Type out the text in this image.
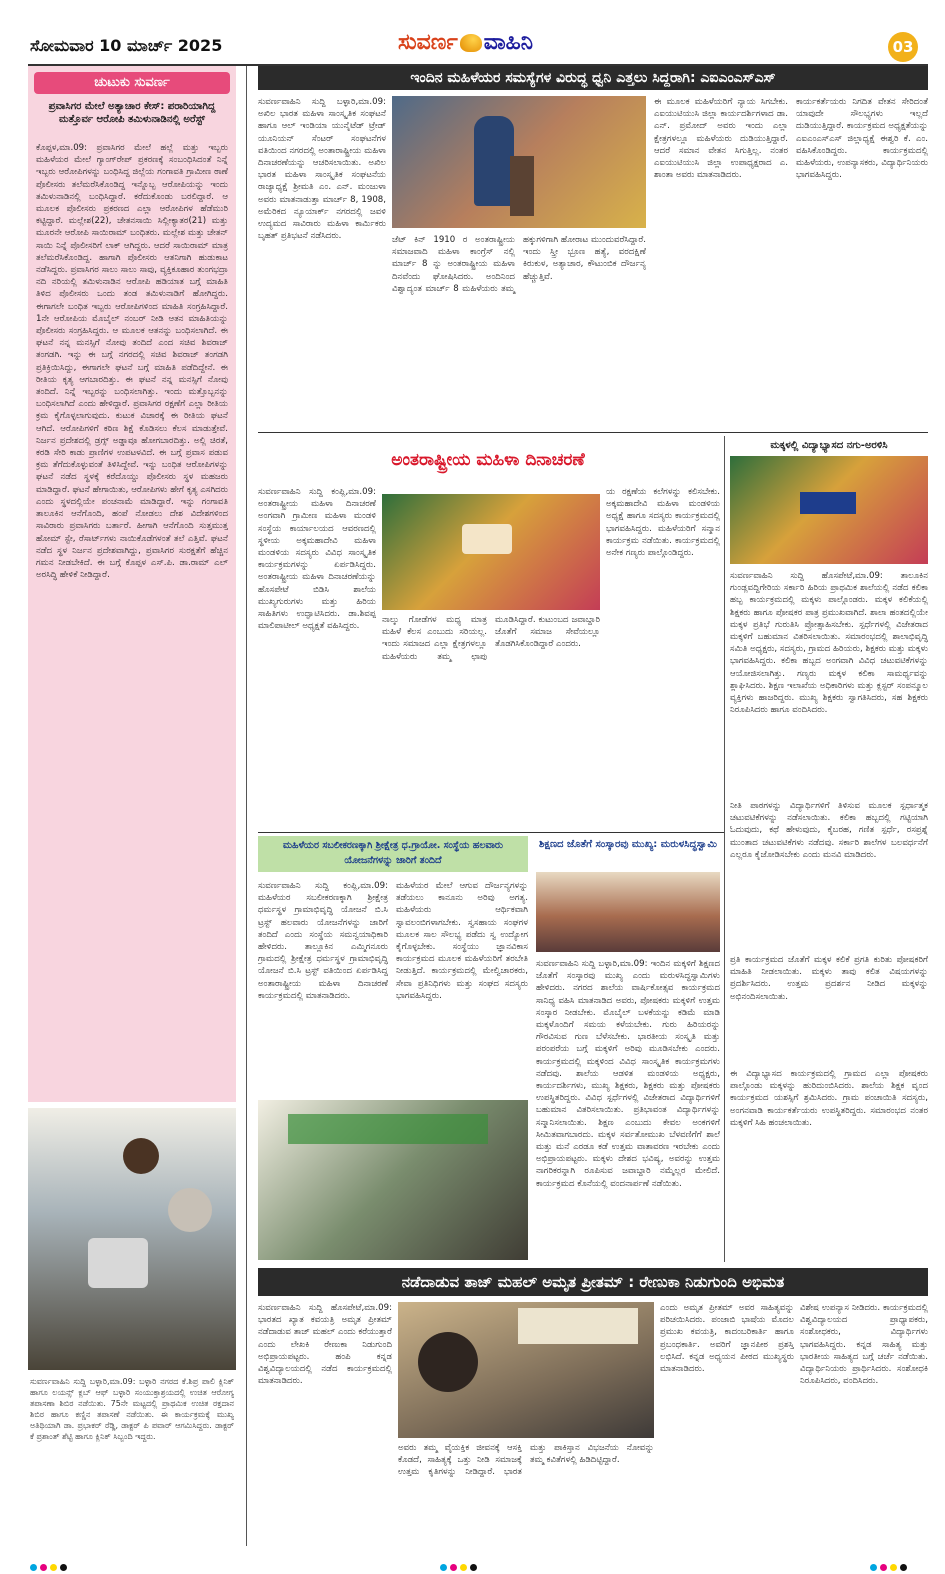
ಸೋಮವಾರ 10 ಮಾರ್ಚ್ 2025	ಸುವರ್ಣ ವಾಹಿನಿ	03
ಚುಟುಕು ಸುವರ್ಣ
ಪ್ರವಾಸಿಗರ ಮೇಲೆ ಅತ್ಯಾಚಾರ ಕೇಸ್: ಪರಾರಿಯಾಗಿದ್ದ ಮತ್ತೊರ್ವ ಆರೋಪಿ ತಮಿಳುನಾಡಿನಲ್ಲಿ ಅರೆಸ್ಟ್
ಕೊಪ್ಪಳ,ಮಾ.09: ಪ್ರವಾಸಿಗರ ಮೇಲೆ ಹಲ್ಲೆ ಮತ್ತು ಇಬ್ಬರು ಮಹಿಳೆಯರ ಮೇಲೆ ಗ್ಯಾಂಗ್‌ರೇಪ್ ಪ್ರಕರಣಕ್ಕೆ ಸಂಬಂಧಿಸಿದಂತೆ ನಿನ್ನೆ ಇಬ್ಬರು ಆರೋಪಿಗಳನ್ನು ಬಂಧಿಸಿದ್ದ ಜಿಲ್ಲೆಯ ಗಂಗಾವತಿ ಗ್ರಾಮೀಣ ಠಾಣೆ ಪೊಲೀಸರು ತಲೆಮರೆಸಿಕೊಂಡಿದ್ದ ಇನ್ನೊಬ್ಬ ಆರೋಪಿಯನ್ನು ಇಂದು ತಮಿಳುನಾಡಿನಲ್ಲಿ ಬಂಧಿಸಿದ್ದಾರೆ. ಕರೆದುಕೊಂಡು ಬರಲಿದ್ದಾರೆ. ಆ ಮೂಲಕ ಪೊಲೀಸರು ಪ್ರಕರಣದ ಎಲ್ಲಾ ಆರೋಪಿಗಳ ಹೆಡೆಮುರಿ ಕಟ್ಟಿದ್ದಾರೆ. ಮಲ್ಲೇಶ(22), ಚೇತನಸಾಯಿ ಸಿಲ್ಲೀಕ್ಯಾತರ(21) ಮತ್ತು ಮೂರನೇ ಆರೋಪಿ ಸಾಯಿರಾಮ್ ಬಂಧಿತರು. ಮಲ್ಲೇಶ ಮತ್ತು ಚೇತನ್ ಸಾಯಿ ನಿನ್ನೆ ಪೊಲೀಸರಿಗೆ ಲಾಕ್ ಆಗಿದ್ದರು. ಆದರೆ ಸಾಯಿರಾಮ್ ಮಾತ್ರ ತಲೆಮರೆಸಿಕೊಂಡಿದ್ದ. ಹಾಗಾಗಿ ಪೊಲೀಸರು ಆತನಿಗಾಗಿ ಹುಡುಕಾಟ ನಡೆಸಿದ್ದರು. ಪ್ರವಾಸಿಗರ ಸಾಲು ಸಾಲು ಸಾವು, ವ್ಯಕ್ತಿಕೂಹಾರ ತುಂಗಭದ್ರಾ ನದಿ ನರಿಯಲ್ಲಿ ತಮಿಳುನಾಡಿನ ಆರೋಪಿ ಹಡಿಯಾತ ಬಗ್ಗೆ ಮಾಹಿತಿ ತಿಳಿದ ಪೊಲೀಸರು ಒಂದು ತಂಡ ತಮಿಳುನಾಡಿಗೆ ಹೋಗಿದ್ದರು. ಈಗಾಗಲೇ ಬಂಧಿತ ಇಬ್ಬರು ಆರೋಪಿಗಳಿಂದ ಮಾಹಿತಿ ಸಂಗ್ರಹಿಸಿದ್ದಾರೆ. 1ನೇ ಆರೋಪಿಯ ಮೊಬೈಲ್ ನಂಬರ್ ನೀಡಿ ಆತನ ಮಾಹಿತಿಯನ್ನು ಪೊಲೀಸರು ಸಂಗ್ರಹಿಸಿದ್ದರು. ಆ ಮೂಲಕ ಆತನನ್ನು ಬಂಧಿಸಲಾಗಿದೆ. ಈ ಘಟನೆ ನನ್ನ ಮನಸ್ಸಿಗೆ ನೋವು ತಂದಿದೆ ಎಂದ ಸಚಿವ ಶಿವರಾಜ್ ತಂಗಡಗಿ. ಇನ್ನು ಈ ಬಗ್ಗೆ ನಗರದಲ್ಲಿ ಸಚಿವ ಶಿವರಾಜ್ ತಂಗಡಗಿ ಪ್ರತಿಕ್ರಿಯಿಸಿದ್ದು, ಈಗಾಗಲೇ ಘಟನೆ ಬಗ್ಗೆ ಮಾಹಿತಿ ಪಡೆದಿದ್ದೇನೆ. ಈ ರೀತಿಯ ಕೃತ್ಯ ಆಗಬಾರದಿತ್ತು. ಈ ಘಟನೆ ನನ್ನ ಮನಸ್ಸಿಗೆ ನೋವು ತಂದಿದೆ. ನಿನ್ನೆ ಇಬ್ಬರನ್ನು ಬಂಧಿಸಲಾಗಿತ್ತು. ಇಂದು ಮತ್ತೊಬ್ಬನನ್ನು ಬಂಧಿಸಲಾಗಿದೆ ಎಂದು ಹೇಳಿದ್ದಾರೆ. ಪ್ರವಾಸಿಗರ ರಕ್ಷಣೆಗೆ ಎಲ್ಲಾ ರೀತಿಯ ಕ್ರಮ ಕೈಗೊಳ್ಳಲಾಗುವುದು. ಕುಟುಕ ವಿಚಾರಕ್ಕೆ ಈ ರೀತಿಯ ಘಟನೆ ಆಗಿದೆ. ಆರೋಪಿಗಳಿಗೆ ಕಠಿಣ ಶಿಕ್ಷೆ ಕೊಡಿಸಲು ಕೆಲಸ ಮಾಡುತ್ತೇವೆ. ನಿರ್ಜನ ಪ್ರದೇಶದಲ್ಲಿ ಡ್ರಗ್ಸ್ ಅಡ್ಡಾವೂ ಹೋಗಬಾರದಿತ್ತು. ಅಲ್ಲಿ ಚಿರತೆ, ಕರಡಿ ಸೇರಿ ಕಾಡು ಪ್ರಾಣಿಗಳ ಉಪಟಳವಿದೆ. ಈ ಬಗ್ಗೆ ಪ್ರವಾಸ ಪಡುವ ಕ್ರಮ ತೆಗೆದುಕೊಳ್ಳುವಂತೆ ತಿಳಿಸಿದ್ದೇವೆ. ಇನ್ನು ಬಂಧಿತ ಆರೋಪಿಗಳನ್ನು ಘಟನೆ ನಡೆದ ಸ್ಥಳಕ್ಕೆ ಕರೆದೊಯ್ದು ಪೊಲೀಸರು ಸ್ಥಳ ಮಹಜರು ಮಾಡಿದ್ದಾರೆ. ಘಟನೆ ಹೇಗಾಯಿತು, ಆರೋಪಿಗಳು ಹೇಗೆ ಕೃತ್ಯ ಎಸಗಿದರು ಎಂದು ಸ್ಥಳದಲ್ಲಿಯೇ ಪಂಚನಾಮೆ ಮಾಡಿದ್ದಾರೆ. ಇನ್ನು ಗಂಗಾವತಿ ತಾಲೂಕಿನ ಆನೆಗೊಂದಿ, ಹಂಪೆ ನೋಡಲು ದೇಶ ವಿದೇಶಗಳಿಂದ ಸಾವಿರಾರು ಪ್ರವಾಸಿಗರು ಬರ್ತಾರೆ. ಹೀಗಾಗಿ ಆನೆಗೊಂದಿ ಸುತ್ತಮುತ್ತ ಹೋಮ್ ಸ್ಟೇ, ರೆಸಾರ್ಟ್‌ಗಳು ನಾಯಿಕೊಡೆಗಳಂತೆ ತಲೆ ಎತ್ತಿವೆ. ಘಟನೆ ನಡೆದ ಸ್ಥಳ ನಿರ್ಜನ ಪ್ರದೇಶವಾಗಿದ್ದು, ಪ್ರವಾಸಿಗರ ಸುರಕ್ಷತೆಗೆ ಹೆಚ್ಚಿನ ಗಮನ ನೀಡಬೇಕಿದೆ. ಈ ಬಗ್ಗೆ ಕೊಪ್ಪಳ ಎಸ್.ಪಿ. ಡಾ.ರಾಮ್ ಎಲ್ ಅರಸಿದ್ಧಿ ಹೇಳಿಕೆ ನೀಡಿದ್ದಾರೆ.
ಸುವರ್ಣವಾಹಿನಿ ಸುದ್ದಿ ಬಳ್ಳಾರಿ,ಮಾ.09: ಬಳ್ಳಾರಿ ನಗರದ ಕೆ.ಶಿಪ್ರ ಪಾಲಿ ಕ್ಲಿನಿಕ್ ಹಾಗೂ ಲಯನ್ಸ್ ಕ್ಲಬ್ ಆಫ್ ಬಳ್ಳಾರಿ ಸಂಯುಕ್ತಾಶ್ರಯದಲ್ಲಿ ಉಚಿತ ಆರೋಗ್ಯ ತಪಾಸಣಾ ಶಿಬಿರ ನಡೆಯಿತು. 75ನೇ ಮಟ್ಟದಲ್ಲಿ ಪ್ರಾಥಮಿಕ ಉಚಿತ ರಕ್ತದಾನ ಶಿಬಿರ ಹಾಗೂ ಕಣ್ಣಿನ ತಪಾಸಣೆ ನಡೆಯಿತು. ಈ ಕಾರ್ಯಕ್ರಮಕ್ಕೆ ಮುಖ್ಯ ಅತಿಥಿಯಾಗಿ ಡಾ. ಪ್ರಭಾಕರ್ ರೆಡ್ಡಿ, ಡಾಕ್ಟರ್ ಪಿ ಪವಾರ್ ಆಗಮಿಸಿದ್ದರು. ಡಾಕ್ಟರ್ ಕೆ ಪ್ರಶಾಂತ್ ಶೆಟ್ಟಿ ಹಾಗೂ ಕ್ಲಿನಿಕ್ ಸಿಬ್ಬಂದಿ ಇದ್ದರು.
ಇಂದಿನ ಮಹಿಳೆಯರ ಸಮಸ್ಯೆಗಳ ವಿರುದ್ಧ ಧ್ವನಿ ಎತ್ತಲು ಸಿದ್ದರಾಗಿ: ಎಐಎಂಎಸ್‌ಎಸ್
ಸುವರ್ಣವಾಹಿನಿ ಸುದ್ದಿ ಬಳ್ಳಾರಿ,ಮಾ.09: ಅಖಿಲ ಭಾರತ ಮಹಿಳಾ ಸಾಂಸ್ಕೃತಿಕ ಸಂಘಟನೆ ಹಾಗೂ ಆಲ್ ಇಂಡಿಯಾ ಯುನೈಟೆಡ್ ಟ್ರೇಡ್ ಯೂನಿಯನ್ ಸೆಂಟರ್ ಸಂಘಟನೆಗಳ ವತಿಯಿಂದ ನಗರದಲ್ಲಿ ಅಂತಾರಾಷ್ಟ್ರೀಯ ಮಹಿಳಾ ದಿನಾಚರಣೆಯನ್ನು ಆಚರಿಸಲಾಯಿತು. ಅಖಿಲ ಭಾರತ ಮಹಿಳಾ ಸಾಂಸ್ಕೃತಿಕ ಸಂಘಟನೆಯ ರಾಜ್ಯಾಧ್ಯಕ್ಷೆ ಶ್ರೀಮತಿ ಎಂ. ಎನ್. ಮಂಜುಳಾ ಅವರು ಮಾತನಾಡುತ್ತಾ ಮಾರ್ಚ್ 8, 1908, ಅಮೆರಿಕದ ನ್ಯೂಯಾರ್ಕ್ ನಗರದಲ್ಲಿ ಜವಳಿ ಉದ್ಯಮದ ಸಾವಿರಾರು ಮಹಿಳಾ ಕಾರ್ಮಿಕರು ಬೃಹತ್ ಪ್ರತಿಭಟನೆ ನಡೆಸಿದರು.	ಜೆಟ್ ಕಿನ್ 1910 ರ ಅಂತರಾಷ್ಟ್ರೀಯ ಸಮಾಜವಾದಿ ಮಹಿಳಾ ಕಾಂಗ್ರೆಸ್ ನಲ್ಲಿ ಮಾರ್ಚ್ 8 ನ್ನು ಅಂತರಾಷ್ಟ್ರೀಯ ಮಹಿಳಾ ದಿನವೆಂದು ಘೋಷಿಸಿದರು. ಅಂದಿನಿಂದ ವಿಶ್ವಾದ್ಯಂತ ಮಾರ್ಚ್ 8 ಮಹಿಳೆಯರು ತಮ್ಮ ಹಕ್ಕುಗಳಿಗಾಗಿ ಹೋರಾಟ ಮುಂದುವರೆಸಿದ್ದಾರೆ. ಇಂದು ಸ್ತ್ರೀ ಭ್ರೂಣ ಹತ್ಯೆ, ವರದಕ್ಷಿಣೆ ಕಿರುಕುಳ, ಅತ್ಯಾಚಾರ, ಕೌಟುಂಬಿಕ ದೌರ್ಜನ್ಯ ಹೆಚ್ಚುತ್ತಿವೆ.
ಈ ಮೂಲಕ ಮಹಿಳೆಯರಿಗೆ ನ್ಯಾಯ ಸಿಗಬೇಕು. ಎಐಯುಟಿಯುಸಿ ಜಿಲ್ಲಾ ಕಾರ್ಯದರ್ಶಿಗಳಾದ ಡಾ. ಎನ್. ಪ್ರಮೋದ್ ಅವರು ಇಂದು ಎಲ್ಲಾ ಕ್ಷೇತ್ರಗಳಲ್ಲೂ ಮಹಿಳೆಯರು ದುಡಿಯುತ್ತಿದ್ದಾರೆ. ಆದರೆ ಸಮಾನ ವೇತನ ಸಿಗುತ್ತಿಲ್ಲ. ನಂತರ ಎಐಯುಟಿಯುಸಿ ಜಿಲ್ಲಾ ಉಪಾಧ್ಯಕ್ಷರಾದ ಎ. ಶಾಂತಾ ಅವರು ಮಾತನಾಡಿದರು.
ಕಾರ್ಯಕರ್ತೆಯರು ನಿಗದಿತ ವೇತನ ಸೇರಿದಂತೆ ಯಾವುದೇ ಸೌಲಭ್ಯಗಳು ಇಲ್ಲದೆ ದುಡಿಯುತ್ತಿದ್ದಾರೆ. ಕಾರ್ಯಕ್ರಮದ ಅಧ್ಯಕ್ಷತೆಯನ್ನು ಎಐಎಂಎಸ್‌ಎಸ್ ಜಿಲ್ಲಾಧ್ಯಕ್ಷೆ ಈಶ್ವರಿ ಕೆ. ಎಂ. ವಹಿಸಿಕೊಂಡಿದ್ದರು. ಕಾರ್ಯಕ್ರಮದಲ್ಲಿ ಮಹಿಳೆಯರು, ಉಪನ್ಯಾಸಕರು, ವಿದ್ಯಾರ್ಥಿನಿಯರು ಭಾಗವಹಿಸಿದ್ದರು.
ಅಂತರಾಷ್ಟ್ರೀಯ ಮಹಿಳಾ ದಿನಾಚರಣೆ
ಸುವರ್ಣವಾಹಿನಿ ಸುದ್ದಿ ಕಂಪ್ಲಿ,ಮಾ.09: ಅಂತರಾಷ್ಟ್ರೀಯ ಮಹಿಳಾ ದಿನಾಚರಣೆ ಅಂಗವಾಗಿ ಗ್ರಾಮೀಣ ಮಹಿಳಾ ಮಂಡಳಿ ಸಂಸ್ಥೆಯ ಕಾರ್ಯಾಲಯದ ಆವರಣದಲ್ಲಿ ಸ್ಥಳೀಯ ಅಕ್ಕಮಹಾದೇವಿ ಮಹಿಳಾ ಮಂಡಳಿಯ ಸದಸ್ಯರು ವಿವಿಧ ಸಾಂಸ್ಕೃತಿಕ ಕಾರ್ಯಕ್ರಮಗಳನ್ನು ಏರ್ಪಡಿಸಿದ್ದರು. ಅಂತರಾಷ್ಟ್ರೀಯ ಮಹಿಳಾ ದಿನಾಚರಣೆಯನ್ನು ಹೊಸಪೇಟೆ ಬಿಡಿಸಿ ಶಾಲೆಯ ಮುಖ್ಯಗುರುಗಳು ಮತ್ತು ಹಿರಿಯ ಸಾಹಿತಿಗಳು ಉದ್ಘಾಟಿಸಿದರು. ಡಾ.ಶಿವಪ್ಪ ಮಾಲಿಪಾಟೀಲ್ ಅಧ್ಯಕ್ಷತೆ ವಹಿಸಿದ್ದರು.
ನಾಲ್ಕು ಗೋಡೆಗಳ ಮಧ್ಯ ಮಾತ್ರ ಮಹಿಳೆ ಕೆಲಸ ಎಂಬುದು ಸರಿಯಲ್ಲ. ಇಂದು ಸಮಾಜದ ಎಲ್ಲಾ ಕ್ಷೇತ್ರಗಳಲ್ಲೂ ಮಹಿಳೆಯರು ತಮ್ಮ ಛಾಪು ಮೂಡಿಸಿದ್ದಾರೆ. ಕುಟುಂಬದ ಜವಾಬ್ದಾರಿ ಜೊತೆಗೆ ಸಮಾಜ ಸೇವೆಯಲ್ಲೂ ತೊಡಗಿಸಿಕೊಂಡಿದ್ದಾರೆ ಎಂದರು.
ಯ ರಕ್ಷಣೆಯ ಕಲೆಗಳನ್ನು ಕಲಿಸಬೇಕು. ಅಕ್ಕಮಹಾದೇವಿ ಮಹಿಳಾ ಮಂಡಳಿಯ ಅಧ್ಯಕ್ಷೆ ಹಾಗೂ ಸದಸ್ಯರು ಕಾರ್ಯಕ್ರಮದಲ್ಲಿ ಭಾಗವಹಿಸಿದ್ದರು. ಮಹಿಳೆಯರಿಗೆ ಸನ್ಮಾನ ಕಾರ್ಯಕ್ರಮ ನಡೆಯಿತು. ಕಾರ್ಯಕ್ರಮದಲ್ಲಿ ಅನೇಕ ಗಣ್ಯರು ಪಾಲ್ಗೊಂಡಿದ್ದರು.
ಮಕ್ಕಳಲ್ಲಿ ವಿದ್ಯಾಭ್ಯಾಸದ ನಗು-ಅರಳಿಸಿ
ಸುವರ್ಣವಾಹಿನಿ ಸುದ್ದಿ ಹೊಸಪೇಟೆ,ಮಾ.09: ತಾಲೂಕಿನ ಗುಂಡ್ಲವದ್ದಿಗೇರಿಯ ಸರ್ಕಾರಿ ಹಿರಿಯ ಪ್ರಾಥಮಿಕ ಶಾಲೆಯಲ್ಲಿ ನಡೆದ ಕಲಿಕಾ ಹಬ್ಬ ಕಾರ್ಯಕ್ರಮದಲ್ಲಿ ಮಕ್ಕಳು ಪಾಲ್ಗೊಂಡರು. ಮಕ್ಕಳ ಕಲಿಕೆಯಲ್ಲಿ ಶಿಕ್ಷಕರು ಹಾಗೂ ಪೋಷಕರ ಪಾತ್ರ ಪ್ರಮುಖವಾಗಿದೆ. ಶಾಲಾ ಹಂತದಲ್ಲಿಯೇ ಮಕ್ಕಳ ಪ್ರತಿಭೆ ಗುರುತಿಸಿ ಪ್ರೋತ್ಸಾಹಿಸಬೇಕು. ಸ್ಪರ್ಧೆಗಳಲ್ಲಿ ವಿಜೇತರಾದ ಮಕ್ಕಳಿಗೆ ಬಹುಮಾನ ವಿತರಿಸಲಾಯಿತು. ಸಮಾರಂಭದಲ್ಲಿ ಶಾಲಾಭಿವೃದ್ಧಿ ಸಮಿತಿ ಅಧ್ಯಕ್ಷರು, ಸದಸ್ಯರು, ಗ್ರಾಮದ ಹಿರಿಯರು, ಶಿಕ್ಷಕರು ಮತ್ತು ಮಕ್ಕಳು ಭಾಗವಹಿಸಿದ್ದರು. ಕಲಿಕಾ ಹಬ್ಬದ ಅಂಗವಾಗಿ ವಿವಿಧ ಚಟುವಟಿಕೆಗಳನ್ನು ಆಯೋಜಿಸಲಾಗಿತ್ತು. ಗಣ್ಯರು ಮಕ್ಕಳ ಕಲಿಕಾ ಸಾಮರ್ಥ್ಯವನ್ನು ಶ್ಲಾಘಿಸಿದರು. ಶಿಕ್ಷಣ ಇಲಾಖೆಯ ಅಧಿಕಾರಿಗಳು ಮತ್ತು ಕ್ಲಸ್ಟರ್ ಸಂಪನ್ಮೂಲ ವ್ಯಕ್ತಿಗಳು ಹಾಜರಿದ್ದರು. ಮುಖ್ಯ ಶಿಕ್ಷಕರು ಸ್ವಾಗತಿಸಿದರು, ಸಹ ಶಿಕ್ಷಕರು ನಿರೂಪಿಸಿದರು ಹಾಗೂ ವಂದಿಸಿದರು.
ನೀತಿ ಪಾಠಗಳನ್ನು ವಿದ್ಯಾರ್ಥಿಗಳಿಗೆ ತಿಳಿಸುವ ಮೂಲಕ ಸ್ಪರ್ಧಾತ್ಮಕ ಚಟುವಟಿಕೆಗಳನ್ನು ನಡೆಸಲಾಯಿತು. ಕಲಿಕಾ ಹಬ್ಬದಲ್ಲಿ ಗಟ್ಟಿಯಾಗಿ ಓದುವುದು, ಕಥೆ ಹೇಳುವುದು, ಕೈಬರಹ, ಗಣಿತ ಸ್ಪರ್ಧೆ, ರಸಪ್ರಶ್ನೆ ಮುಂತಾದ ಚಟುವಟಿಕೆಗಳು ನಡೆದವು. ಸರ್ಕಾರಿ ಶಾಲೆಗಳ ಬಲವರ್ಧನೆಗೆ ಎಲ್ಲರೂ ಕೈಜೋಡಿಸಬೇಕು ಎಂದು ಮನವಿ ಮಾಡಿದರು.
ಪ್ರತಿ ಕಾರ್ಯಕ್ರಮದ ಜೊತೆಗೆ ಮಕ್ಕಳ ಕಲಿಕೆ ಪ್ರಗತಿ ಕುರಿತು ಪೋಷಕರಿಗೆ ಮಾಹಿತಿ ನೀಡಲಾಯಿತು. ಮಕ್ಕಳು ತಾವು ಕಲಿತ ವಿಷಯಗಳನ್ನು ಪ್ರದರ್ಶಿಸಿದರು. ಉತ್ತಮ ಪ್ರದರ್ಶನ ನೀಡಿದ ಮಕ್ಕಳನ್ನು ಅಭಿನಂದಿಸಲಾಯಿತು.
ಈ ವಿದ್ಯಾಭ್ಯಾಸದ ಕಾರ್ಯಕ್ರಮದಲ್ಲಿ ಗ್ರಾಮದ ಎಲ್ಲಾ ಪೋಷಕರು ಪಾಲ್ಗೊಂಡು ಮಕ್ಕಳನ್ನು ಹುರಿದುಂಬಿಸಿದರು. ಶಾಲೆಯ ಶಿಕ್ಷಕ ವೃಂದ ಕಾರ್ಯಕ್ರಮದ ಯಶಸ್ಸಿಗೆ ಶ್ರಮಿಸಿದರು. ಗ್ರಾಮ ಪಂಚಾಯಿತಿ ಸದಸ್ಯರು, ಅಂಗನವಾಡಿ ಕಾರ್ಯಕರ್ತೆಯರು ಉಪಸ್ಥಿತರಿದ್ದರು. ಸಮಾರಂಭದ ನಂತರ ಮಕ್ಕಳಿಗೆ ಸಿಹಿ ಹಂಚಲಾಯಿತು.
ಮಹಿಳೆಯರ ಸಬಲೀಕರಣಕ್ಕಾಗಿ ಶ್ರೀಕ್ಷೇತ್ರ ಧ.ಗ್ರಾಯೋ. ಸಂಸ್ಥೆಯ ಹಲವಾರು ಯೋಜನೆಗಳನ್ನು ಜಾರಿಗೆ ತಂದಿದೆ
ಸುವರ್ಣವಾಹಿನಿ ಸುದ್ದಿ ಕಂಪ್ಲಿ,ಮಾ.09: ಮಹಿಳೆಯರ ಸಬಲೀಕರಣಕ್ಕಾಗಿ ಶ್ರೀಕ್ಷೇತ್ರ ಧರ್ಮಸ್ಥಳ ಗ್ರಾಮಾಭಿವೃದ್ಧಿ ಯೋಜನೆ ಬಿ.ಸಿ ಟ್ರಸ್ಟ್ ಹಲವಾರು ಯೋಜನೆಗಳನ್ನು ಜಾರಿಗೆ ತಂದಿದೆ ಎಂದು ಸಂಸ್ಥೆಯ ಸಮನ್ವಯಾಧಿಕಾರಿ ಹೇಳಿದರು. ತಾಲ್ಲೂಕಿನ ಎಮ್ಮಿಗನೂರು ಗ್ರಾಮದಲ್ಲಿ ಶ್ರೀಕ್ಷೇತ್ರ ಧರ್ಮಸ್ಥಳ ಗ್ರಾಮಾಭಿವೃದ್ಧಿ ಯೋಜನೆ ಬಿ.ಸಿ ಟ್ರಸ್ಟ್ ವತಿಯಿಂದ ಏರ್ಪಡಿಸಿದ್ದ ಅಂತಾರಾಷ್ಟ್ರೀಯ ಮಹಿಳಾ ದಿನಾಚರಣೆ ಕಾರ್ಯಕ್ರಮದಲ್ಲಿ ಮಾತನಾಡಿದರು.
ಮಹಿಳೆಯರ ಮೇಲೆ ಆಗುವ ದೌರ್ಜನ್ಯಗಳನ್ನು ತಡೆಯಲು ಕಾನೂನು ಅರಿವು ಅಗತ್ಯ. ಮಹಿಳೆಯರು ಆರ್ಥಿಕವಾಗಿ ಸ್ವಾವಲಂಬಿಗಳಾಗಬೇಕು. ಸ್ವಸಹಾಯ ಸಂಘಗಳ ಮೂಲಕ ಸಾಲ ಸೌಲಭ್ಯ ಪಡೆದು ಸ್ವ ಉದ್ಯೋಗ ಕೈಗೊಳ್ಳಬೇಕು. ಸಂಸ್ಥೆಯು ಜ್ಞಾನವಿಕಾಸ ಕಾರ್ಯಕ್ರಮದ ಮೂಲಕ ಮಹಿಳೆಯರಿಗೆ ತರಬೇತಿ ನೀಡುತ್ತಿದೆ. ಕಾರ್ಯಕ್ರಮದಲ್ಲಿ ಮೇಲ್ವಿಚಾರಕರು, ಸೇವಾ ಪ್ರತಿನಿಧಿಗಳು ಮತ್ತು ಸಂಘದ ಸದಸ್ಯರು ಭಾಗವಹಿಸಿದ್ದರು.
ಶಿಕ್ಷಣದ ಜೊತೆಗೆ ಸಂಸ್ಕಾರವು ಮುಖ್ಯ: ಮರುಳಸಿದ್ಧಸ್ವಾಮಿ
ಸುವರ್ಣವಾಹಿನಿ ಸುದ್ದಿ ಬಳ್ಳಾರಿ,ಮಾ.09: ಇಂದಿನ ಮಕ್ಕಳಿಗೆ ಶಿಕ್ಷಣದ ಜೊತೆಗೆ ಸಂಸ್ಕಾರವು ಮುಖ್ಯ ಎಂದು ಮರುಳಸಿದ್ಧಸ್ವಾಮಿಗಳು ಹೇಳಿದರು. ನಗರದ ಶಾಲೆಯ ವಾರ್ಷಿಕೋತ್ಸವ ಕಾರ್ಯಕ್ರಮದ ಸಾನಿಧ್ಯ ವಹಿಸಿ ಮಾತನಾಡಿದ ಅವರು, ಪೋಷಕರು ಮಕ್ಕಳಿಗೆ ಉತ್ತಮ ಸಂಸ್ಕಾರ ನೀಡಬೇಕು. ಮೊಬೈಲ್ ಬಳಕೆಯನ್ನು ಕಡಿಮೆ ಮಾಡಿ ಮಕ್ಕಳೊಂದಿಗೆ ಸಮಯ ಕಳೆಯಬೇಕು. ಗುರು ಹಿರಿಯರನ್ನು ಗೌರವಿಸುವ ಗುಣ ಬೆಳೆಸಬೇಕು. ಭಾರತೀಯ ಸಂಸ್ಕೃತಿ ಮತ್ತು ಪರಂಪರೆಯ ಬಗ್ಗೆ ಮಕ್ಕಳಿಗೆ ಅರಿವು ಮೂಡಿಸಬೇಕು ಎಂದರು. ಕಾರ್ಯಕ್ರಮದಲ್ಲಿ ಮಕ್ಕಳಿಂದ ವಿವಿಧ ಸಾಂಸ್ಕೃತಿಕ ಕಾರ್ಯಕ್ರಮಗಳು ನಡೆದವು. ಶಾಲೆಯ ಆಡಳಿತ ಮಂಡಳಿಯ ಅಧ್ಯಕ್ಷರು, ಕಾರ್ಯದರ್ಶಿಗಳು, ಮುಖ್ಯ ಶಿಕ್ಷಕರು, ಶಿಕ್ಷಕರು ಮತ್ತು ಪೋಷಕರು ಉಪಸ್ಥಿತರಿದ್ದರು. ವಿವಿಧ ಸ್ಪರ್ಧೆಗಳಲ್ಲಿ ವಿಜೇತರಾದ ವಿದ್ಯಾರ್ಥಿಗಳಿಗೆ ಬಹುಮಾನ ವಿತರಿಸಲಾಯಿತು. ಪ್ರತಿಭಾವಂತ ವಿದ್ಯಾರ್ಥಿಗಳನ್ನು ಸನ್ಮಾನಿಸಲಾಯಿತು. ಶಿಕ್ಷಣ ಎಂಬುದು ಕೇವಲ ಅಂಕಗಳಿಗೆ ಸೀಮಿತವಾಗಬಾರದು. ಮಕ್ಕಳ ಸರ್ವತೋಮುಖ ಬೆಳವಣಿಗೆಗೆ ಶಾಲೆ ಮತ್ತು ಮನೆ ಎರಡೂ ಕಡೆ ಉತ್ತಮ ವಾತಾವರಣ ಇರಬೇಕು ಎಂದು ಅಭಿಪ್ರಾಯಪಟ್ಟರು. ಮಕ್ಕಳು ದೇಶದ ಭವಿಷ್ಯ, ಅವರನ್ನು ಉತ್ತಮ ನಾಗರಿಕರನ್ನಾಗಿ ರೂಪಿಸುವ ಜವಾಬ್ದಾರಿ ನಮ್ಮೆಲ್ಲರ ಮೇಲಿದೆ. ಕಾರ್ಯಕ್ರಮದ ಕೊನೆಯಲ್ಲಿ ವಂದನಾರ್ಪಣೆ ನಡೆಯಿತು.
ನಡೆದಾಡುವ ತಾಜ್ ಮಹಲ್ ಅಮೃತ ಪ್ರೀತಮ್ : ರೇಣುಕಾ ನಿಡುಗುಂದಿ ಅಭಿಮತ
ಸುವರ್ಣವಾಹಿನಿ ಸುದ್ದಿ ಹೊಸಪೇಟೆ,ಮಾ.09: ಭಾರತದ ಖ್ಯಾತ ಕವಯತ್ರಿ ಅಮೃತ ಪ್ರೀತಮ್ ನಡೆದಾಡುವ ತಾಜ್ ಮಹಲ್ ಎಂದು ಕರೆಯುತ್ತಾರೆ ಎಂದು ಲೇಖಕಿ ರೇಣುಕಾ ನಿಡುಗುಂದಿ ಅಭಿಪ್ರಾಯಪಟ್ಟರು. ಹಂಪಿ ಕನ್ನಡ ವಿಶ್ವವಿದ್ಯಾಲಯದಲ್ಲಿ ನಡೆದ ಕಾರ್ಯಕ್ರಮದಲ್ಲಿ ಮಾತನಾಡಿದರು.
ಅವರು ತಮ್ಮ ವೈಯಕ್ತಿಕ ಜೀವನಕ್ಕೆ ಆಸಕ್ತಿ ಕೊಡದೆ, ಸಾಹಿತ್ಯಕ್ಕೆ ಒತ್ತು ನೀಡಿ ಸಮಾಜಕ್ಕೆ ಉತ್ತಮ ಕೃತಿಗಳನ್ನು ನೀಡಿದ್ದಾರೆ. ಭಾರತ ಮತ್ತು ಪಾಕಿಸ್ತಾನ ವಿಭಜನೆಯ ನೋವನ್ನು ತಮ್ಮ ಕವಿತೆಗಳಲ್ಲಿ ಹಿಡಿದಿಟ್ಟಿದ್ದಾರೆ.
ಎಂದು ಅಮೃತ ಪ್ರೀತಮ್ ಅವರ ಸಾಹಿತ್ಯವನ್ನು ಪರಿಚಯಿಸಿದರು. ಪಂಜಾಬಿ ಭಾಷೆಯ ಮೊದಲ ಪ್ರಮುಖ ಕವಯತ್ರಿ, ಕಾದಂಬರಿಕಾರ್ತಿ ಹಾಗೂ ಪ್ರಬಂಧಕಾರ್ತಿ. ಅವರಿಗೆ ಜ್ಞಾನಪೀಠ ಪ್ರಶಸ್ತಿ ಲಭಿಸಿದೆ. ಕನ್ನಡ ಅಧ್ಯಯನ ಪೀಠದ ಮುಖ್ಯಸ್ಥರು ಮಾತನಾಡಿದರು.
ವಿಶೇಷ ಉಪನ್ಯಾಸ ನೀಡಿದರು. ಕಾರ್ಯಕ್ರಮದಲ್ಲಿ ವಿಶ್ವವಿದ್ಯಾಲಯದ ಪ್ರಾಧ್ಯಾಪಕರು, ಸಂಶೋಧಕರು, ವಿದ್ಯಾರ್ಥಿಗಳು ಭಾಗವಹಿಸಿದ್ದರು. ಕನ್ನಡ ಸಾಹಿತ್ಯ ಮತ್ತು ಭಾರತೀಯ ಸಾಹಿತ್ಯದ ಬಗ್ಗೆ ಚರ್ಚೆ ನಡೆಯಿತು. ವಿದ್ಯಾರ್ಥಿನಿಯರು ಪ್ರಾರ್ಥಿಸಿದರು. ಸಂಶೋಧಕಿ ನಿರೂಪಿಸಿದರು, ವಂದಿಸಿದರು.
